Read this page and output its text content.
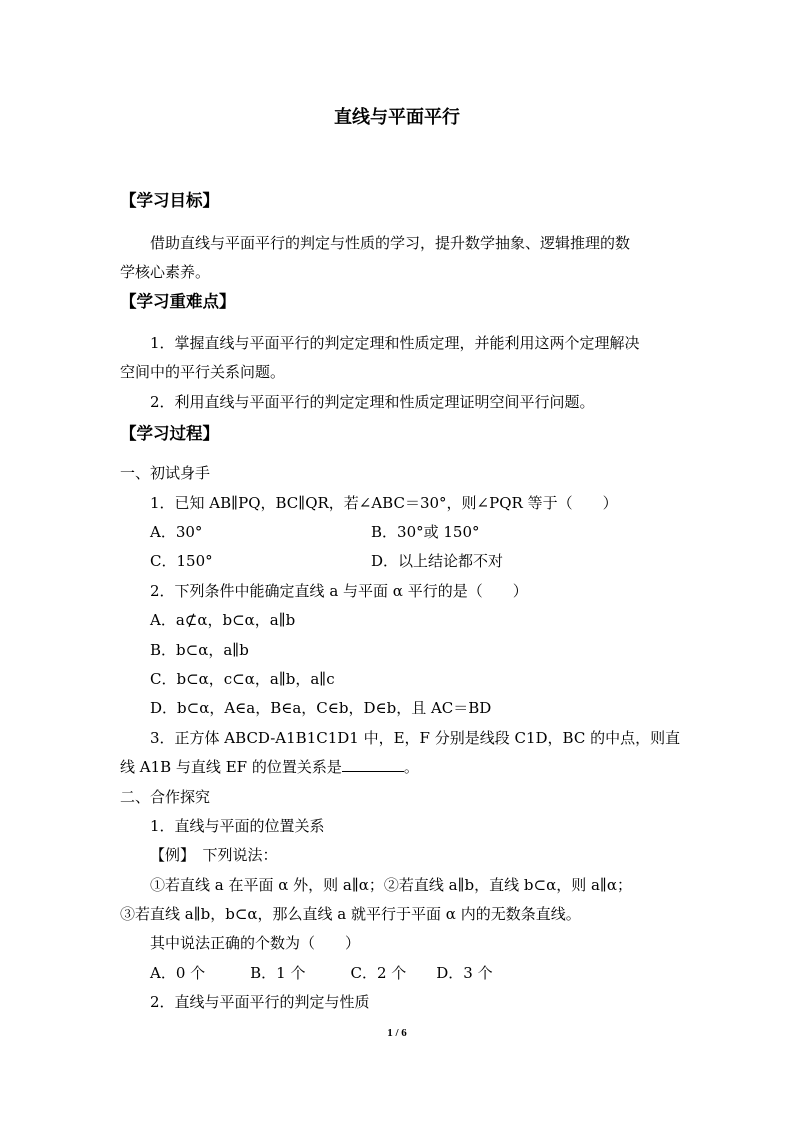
直线与平面平行
【学习目标】
借助直线与平面平行的判定与性质的学习，提升数学抽象、逻辑推理的数
学核心素养。
【学习重难点】
1．掌握直线与平面平行的判定定理和性质定理，并能利用这两个定理解决
空间中的平行关系问题。
2．利用直线与平面平行的判定定理和性质定理证明空间平行问题。
【学习过程】
一、初试身手
1．已知 AB∥PQ，BC∥QR，若∠ABC＝30°，则∠PQR 等于（　　）
A．30°	B．30°或 150°
C．150°	D．以上结论都不对
2．下列条件中能确定直线 a 与平面 α 平行的是（　　）
A．a⊄α，b⊂α，a∥b
B．b⊂α，a∥b
C．b⊂α，c⊂α，a∥b，a∥c
D．b⊂α，A∈a，B∈a，C∈b，D∈b，且 AC＝BD
3．正方体 ABCD-A1B1C1D1 中，E，F 分别是线段 C1D，BC 的中点，则直
线 A1B 与直线 EF 的位置关系是	。
二、合作探究
1．直线与平面的位置关系
【例】　下列说法：
①若直线 a 在平面 α 外，则 a∥α；②若直线 a∥b，直线 b⊂α，则 a∥α；
③若直线 a∥b，b⊂α，那么直线 a 就平行于平面 α 内的无数条直线。
其中说法正确的个数为（　　）
A．0 个　　　B．1 个　　　C．2 个　　D．3 个
2．直线与平面平行的判定与性质
1 / 6
